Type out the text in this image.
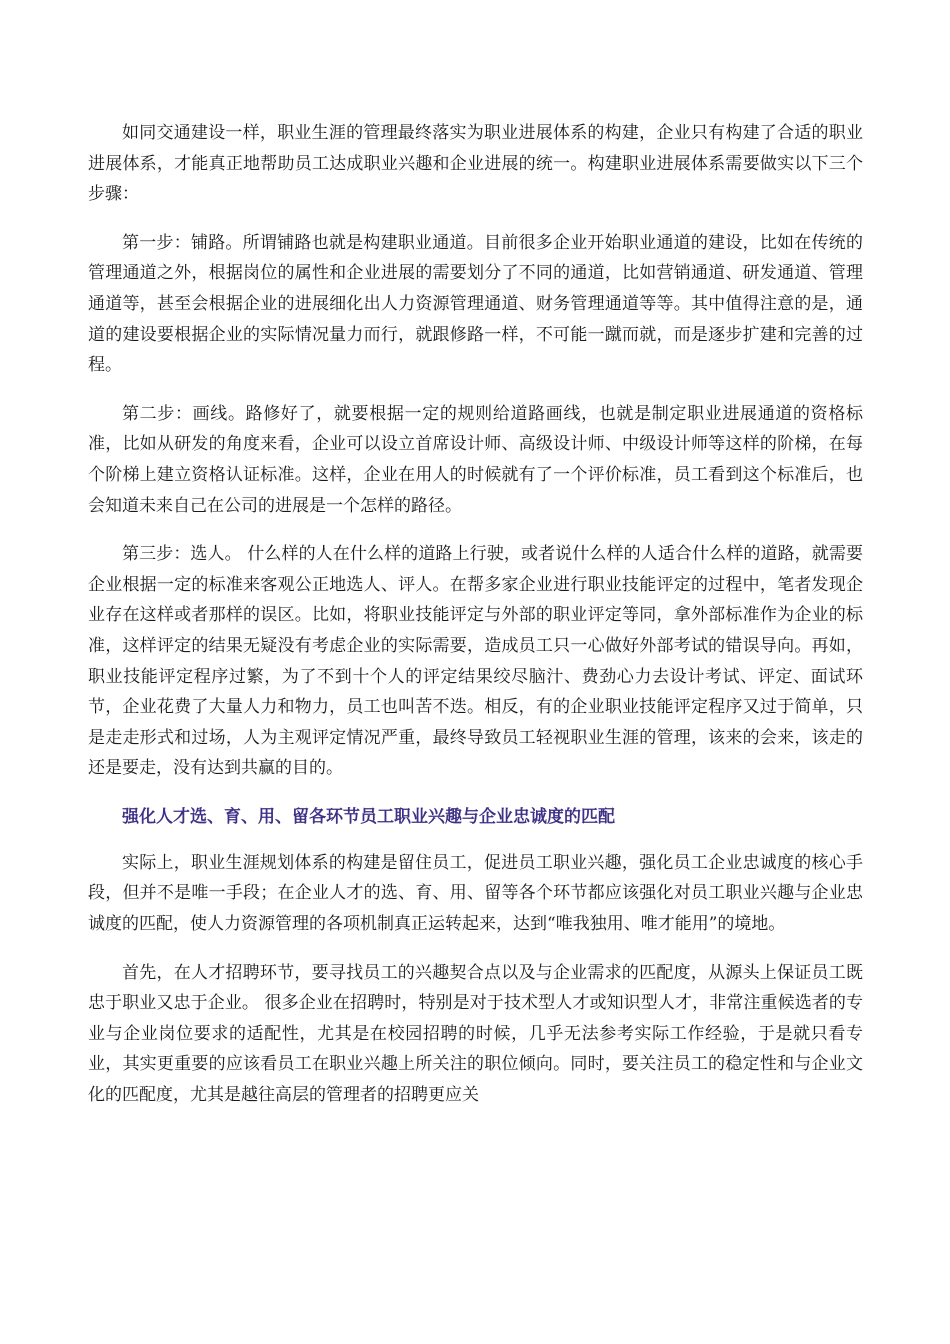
如同交通建设一样，职业生涯的管理最终落实为职业进展体系的构建，企业只有构建了合适的职业进展体系，才能真正地帮助员工达成职业兴趣和企业进展的统一。构建职业进展体系需要做实以下三个步骤：

第一步：铺路。所谓铺路也就是构建职业通道。目前很多企业开始职业通道的建设，比如在传统的管理通道之外，根据岗位的属性和企业进展的需要划分了不同的通道，比如营销通道、研发通道、管理通道等，甚至会根据企业的进展细化出人力资源管理通道、财务管理通道等等。其中值得注意的是，通道的建设要根据企业的实际情况量力而行，就跟修路一样，不可能一蹴而就，而是逐步扩建和完善的过程。

第二步：画线。路修好了，就要根据一定的规则给道路画线，也就是制定职业进展通道的资格标准，比如从研发的角度来看，企业可以设立首席设计师、高级设计师、中级设计师等这样的阶梯，在每个阶梯上建立资格认证标准。这样，企业在用人的时候就有了一个评价标准，员工看到这个标准后，也会知道未来自己在公司的进展是一个怎样的路径。

第三步：选人。 什么样的人在什么样的道路上行驶，或者说什么样的人适合什么样的道路，就需要企业根据一定的标准来客观公正地选人、评人。在帮多家企业进行职业技能评定的过程中，笔者发现企业存在这样或者那样的误区。比如，将职业技能评定与外部的职业评定等同，拿外部标准作为企业的标准，这样评定的结果无疑没有考虑企业的实际需要，造成员工只一心做好外部考试的错误导向。再如，职业技能评定程序过繁，为了不到十个人的评定结果绞尽脑汁、费劲心力去设计考试、评定、面试环节，企业花费了大量人力和物力，员工也叫苦不迭。相反，有的企业职业技能评定程序又过于简单，只是走走形式和过场，人为主观评定情况严重，最终导致员工轻视职业生涯的管理，该来的会来，该走的还是要走，没有达到共赢的目的。

强化人才选、育、用、留各环节员工职业兴趣与企业忠诚度的匹配

实际上，职业生涯规划体系的构建是留住员工，促进员工职业兴趣，强化员工企业忠诚度的核心手段，但并不是唯一手段；在企业人才的选、育、用、留等各个环节都应该强化对员工职业兴趣与企业忠诚度的匹配，使人力资源管理的各项机制真正运转起来，达到“唯我独用、唯才能用”的境地。

首先，在人才招聘环节，要寻找员工的兴趣契合点以及与企业需求的匹配度，从源头上保证员工既忠于职业又忠于企业。 很多企业在招聘时，特别是对于技术型人才或知识型人才，非常注重候选者的专业与企业岗位要求的适配性，尤其是在校园招聘的时候，几乎无法参考实际工作经验，于是就只看专业，其实更重要的应该看员工在职业兴趣上所关注的职位倾向。同时，要关注员工的稳定性和与企业文化的匹配度，尤其是越往高层的管理者的招聘更应关
